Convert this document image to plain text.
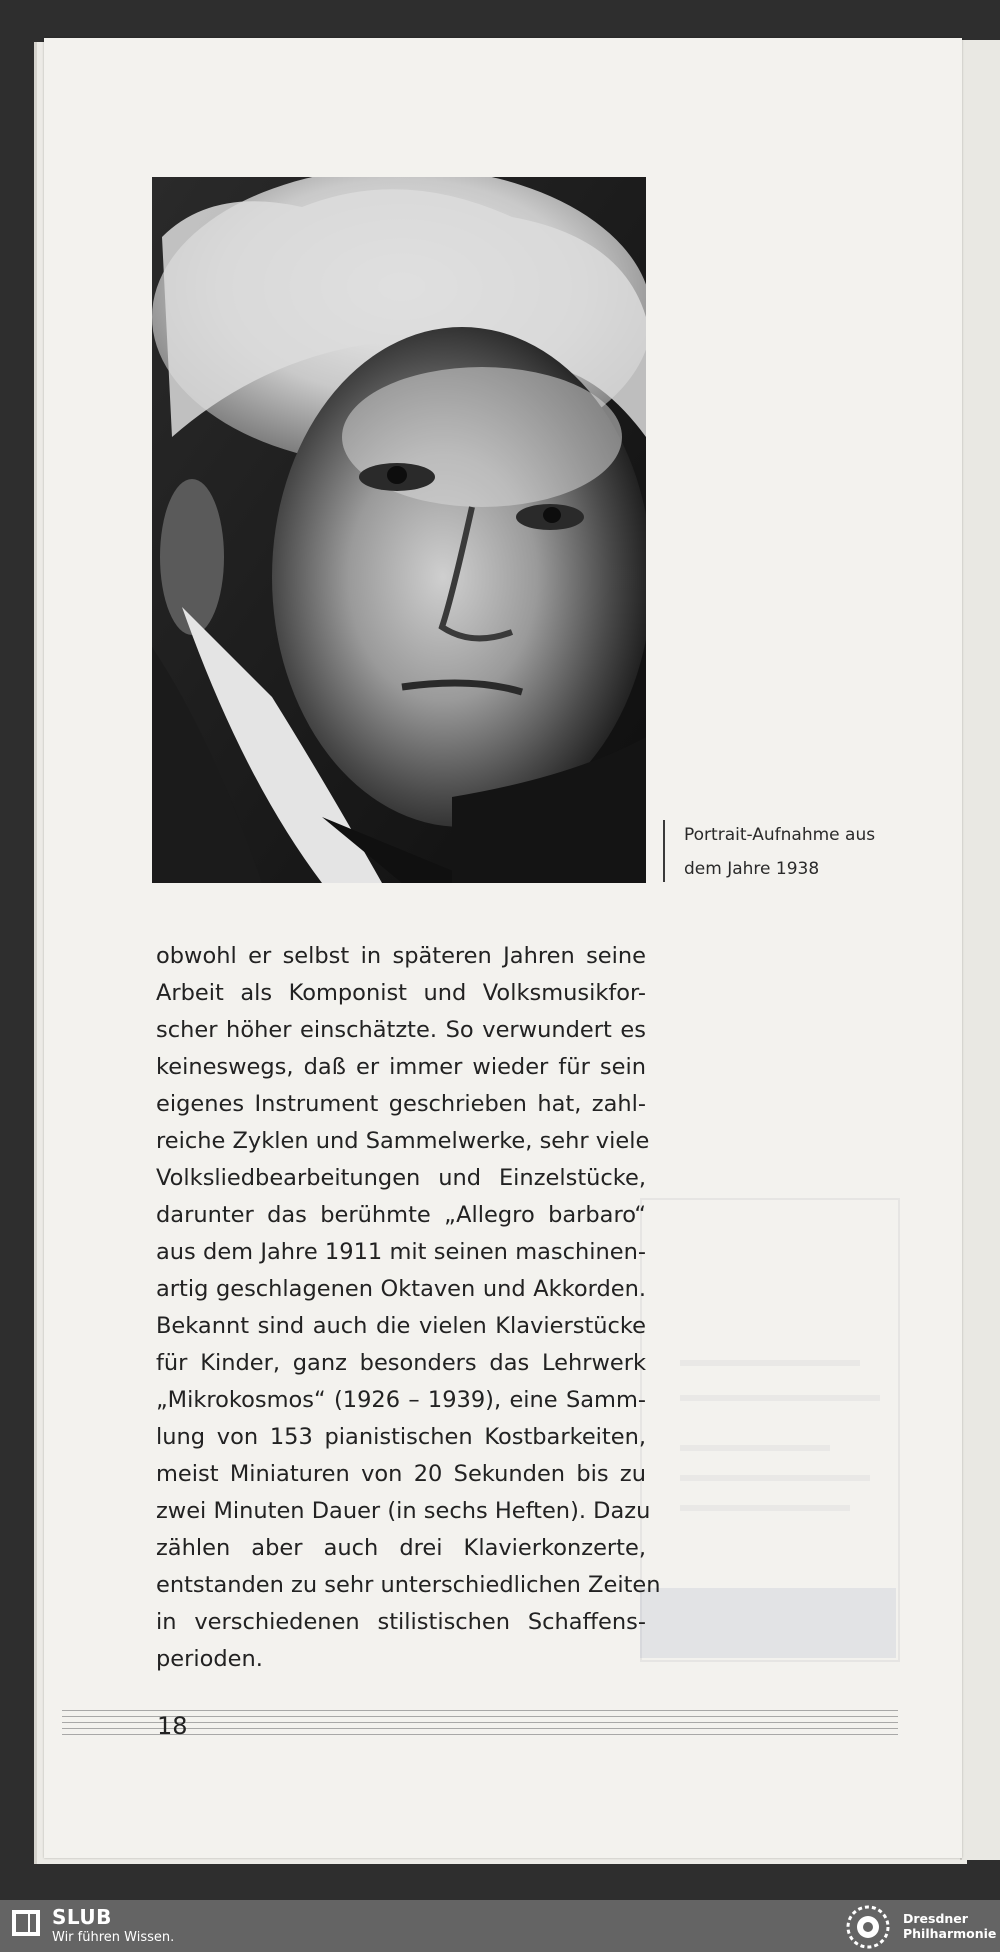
Portrait-Aufnahme aus
dem Jahre 1938
obwohl er selbst in späteren Jahren seine
Arbeit als Komponist und Volksmusikfor-
scher höher einschätzte. So verwundert es
keineswegs, daß er immer wieder für sein
eigenes Instrument geschrieben hat, zahl-
reiche Zyklen und Sammelwerke, sehr viele
Volksliedbearbeitungen und Einzelstücke,
darunter das berühmte „Allegro barbaro“
aus dem Jahre 1911 mit seinen maschinen-
artig geschlagenen Oktaven und Akkorden.
Bekannt sind auch die vielen Klavierstücke
für Kinder, ganz besonders das Lehrwerk
„Mikrokosmos“ (1926 – 1939), eine Samm-
lung von 153 pianistischen Kostbarkeiten,
meist Miniaturen von 20 Sekunden bis zu
zwei Minuten Dauer (in sechs Heften). Dazu
zählen aber auch drei Klavierkonzerte,
entstanden zu sehr unterschiedlichen Zeiten
in verschiedenen stilistischen Schaffens-
perioden.
18
SLUB
Wir führen Wissen.
Dresdner
Philharmonie
